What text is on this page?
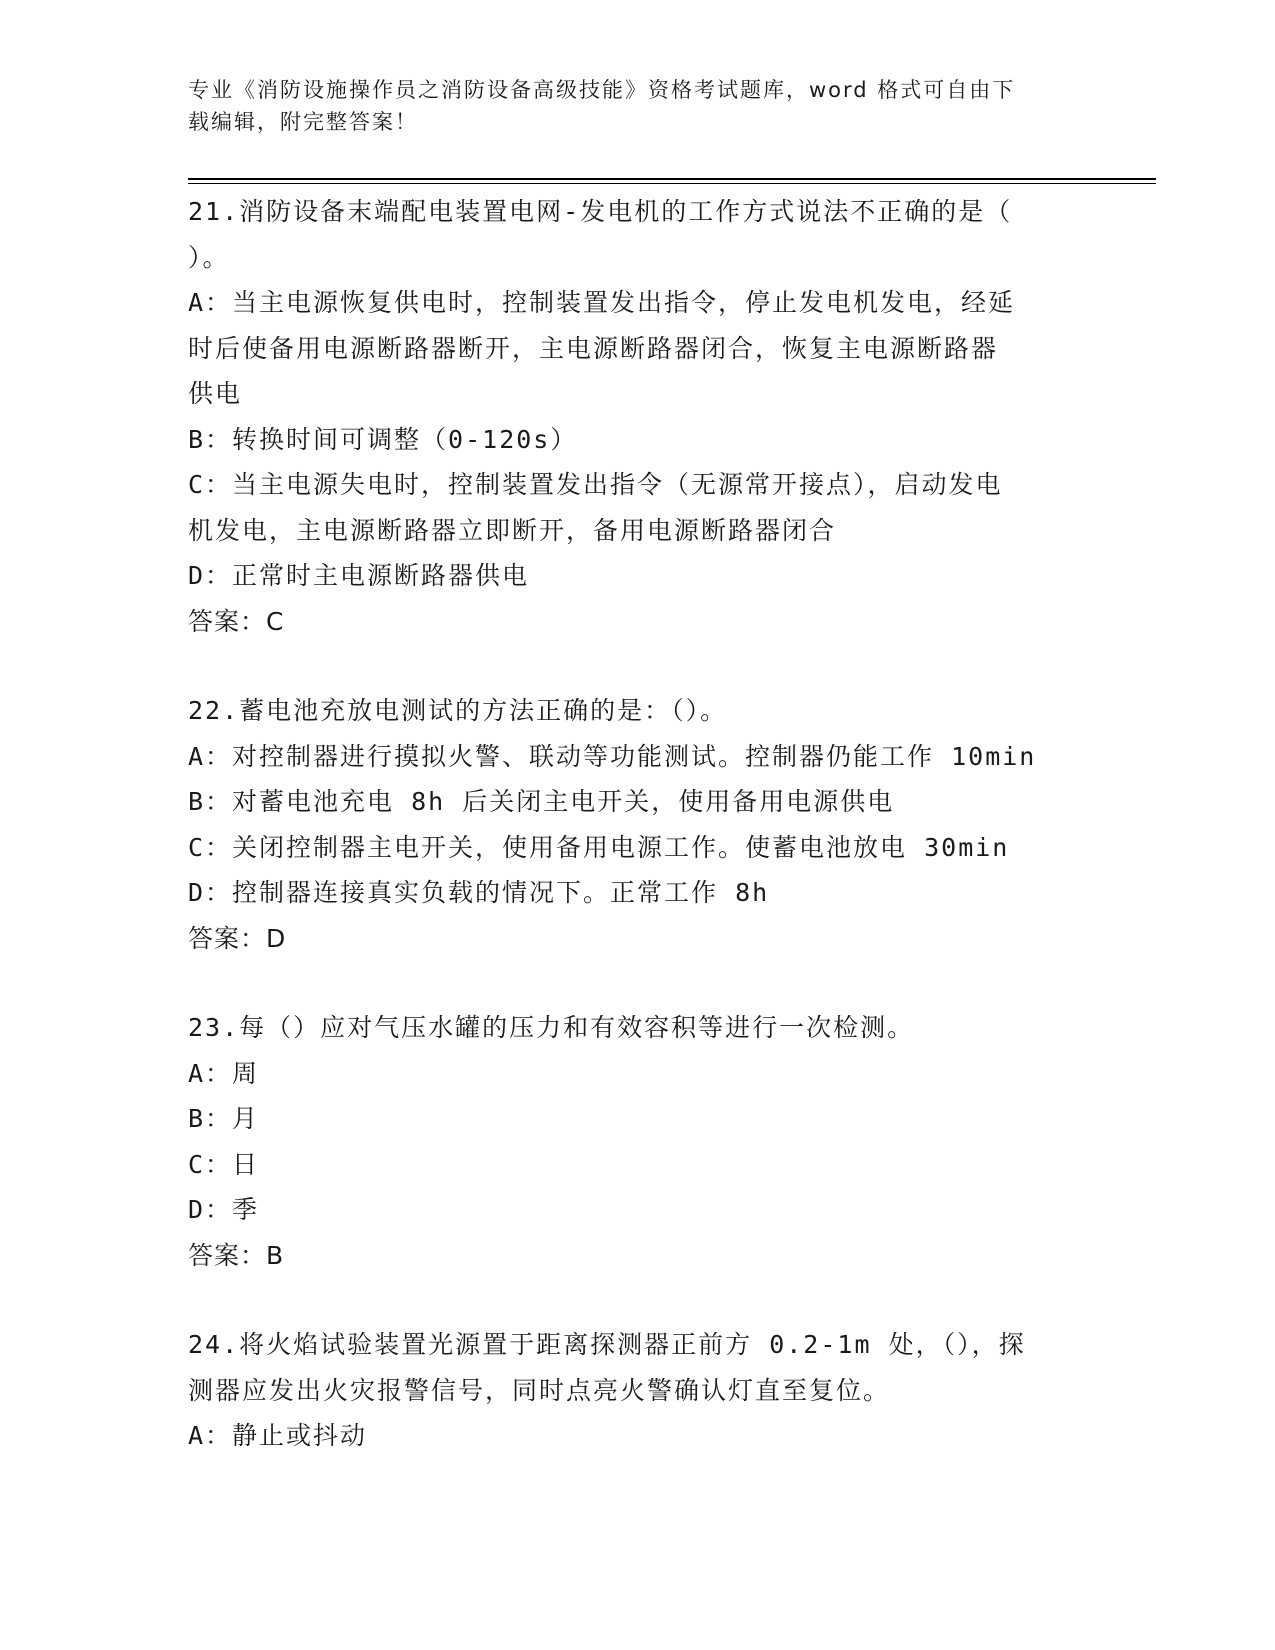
专业《消防设施操作员之消防设备高级技能》资格考试题库，word 格式可自由下
载编辑，附完整答案！
21.消防设备末端配电装置电网-发电机的工作方式说法不正确的是（
）。
A：当主电源恢复供电时，控制装置发出指令，停止发电机发电，经延
时后使备用电源断路器断开，主电源断路器闭合，恢复主电源断路器
供电
B：转换时间可调整（0-120s）
C：当主电源失电时，控制装置发出指令（无源常开接点），启动发电
机发电，主电源断路器立即断开，备用电源断路器闭合
D：正常时主电源断路器供电
答案：C
22.蓄电池充放电测试的方法正确的是：（）。
A：对控制器进行摸拟火警、联动等功能测试。控制器仍能工作 10min
B：对蓄电池充电 8h 后关闭主电开关，使用备用电源供电
C：关闭控制器主电开关，使用备用电源工作。使蓄电池放电 30min
D：控制器连接真实负载的情况下。正常工作 8h
答案：D
23.每（）应对气压水罐的压力和有效容积等进行一次检测。
A：周
B：月
C：日
D：季
答案：B
24.将火焰试验装置光源置于距离探测器正前方 0.2-1m 处，（），探
测器应发出火灾报警信号，同时点亮火警确认灯直至复位。
A：静止或抖动
